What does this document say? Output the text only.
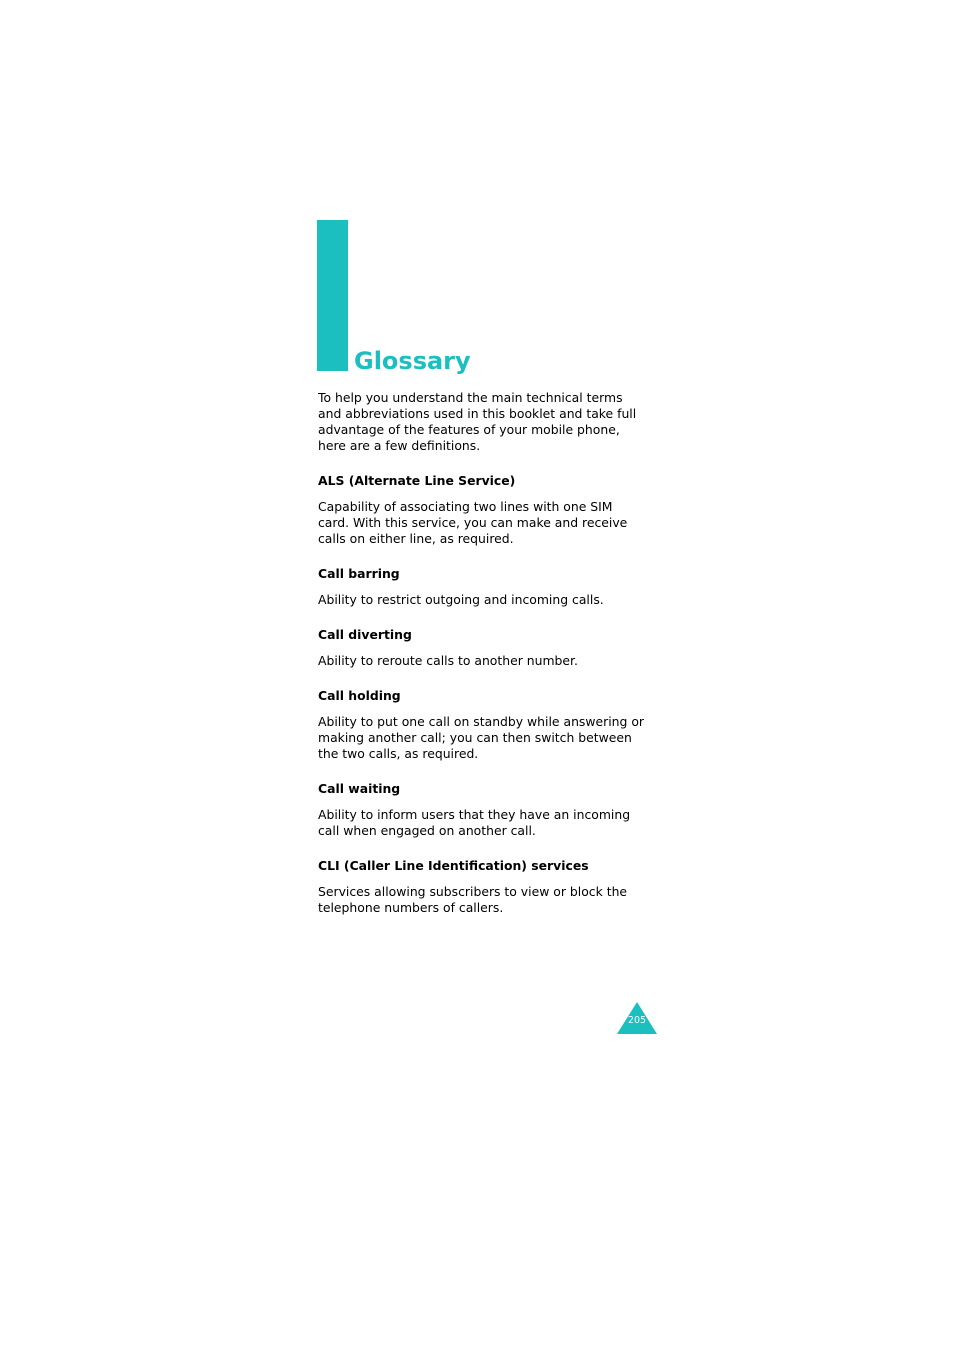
Glossary

To help you understand the main technical terms
and abbreviations used in this booklet and take full
advantage of the features of your mobile phone,
here are a few definitions.

ALS (Alternate Line Service)

Capability of associating two lines with one SIM
card. With this service, you can make and receive
calls on either line, as required.

Call barring

Ability to restrict outgoing and incoming calls.

Call diverting

Ability to reroute calls to another number.

Call holding

Ability to put one call on standby while answering or
making another call; you can then switch between
the two calls, as required.

Call waiting

Ability to inform users that they have an incoming
call when engaged on another call.

CLI (Caller Line Identification) services

Services allowing subscribers to view or block the
telephone numbers of callers.

205
